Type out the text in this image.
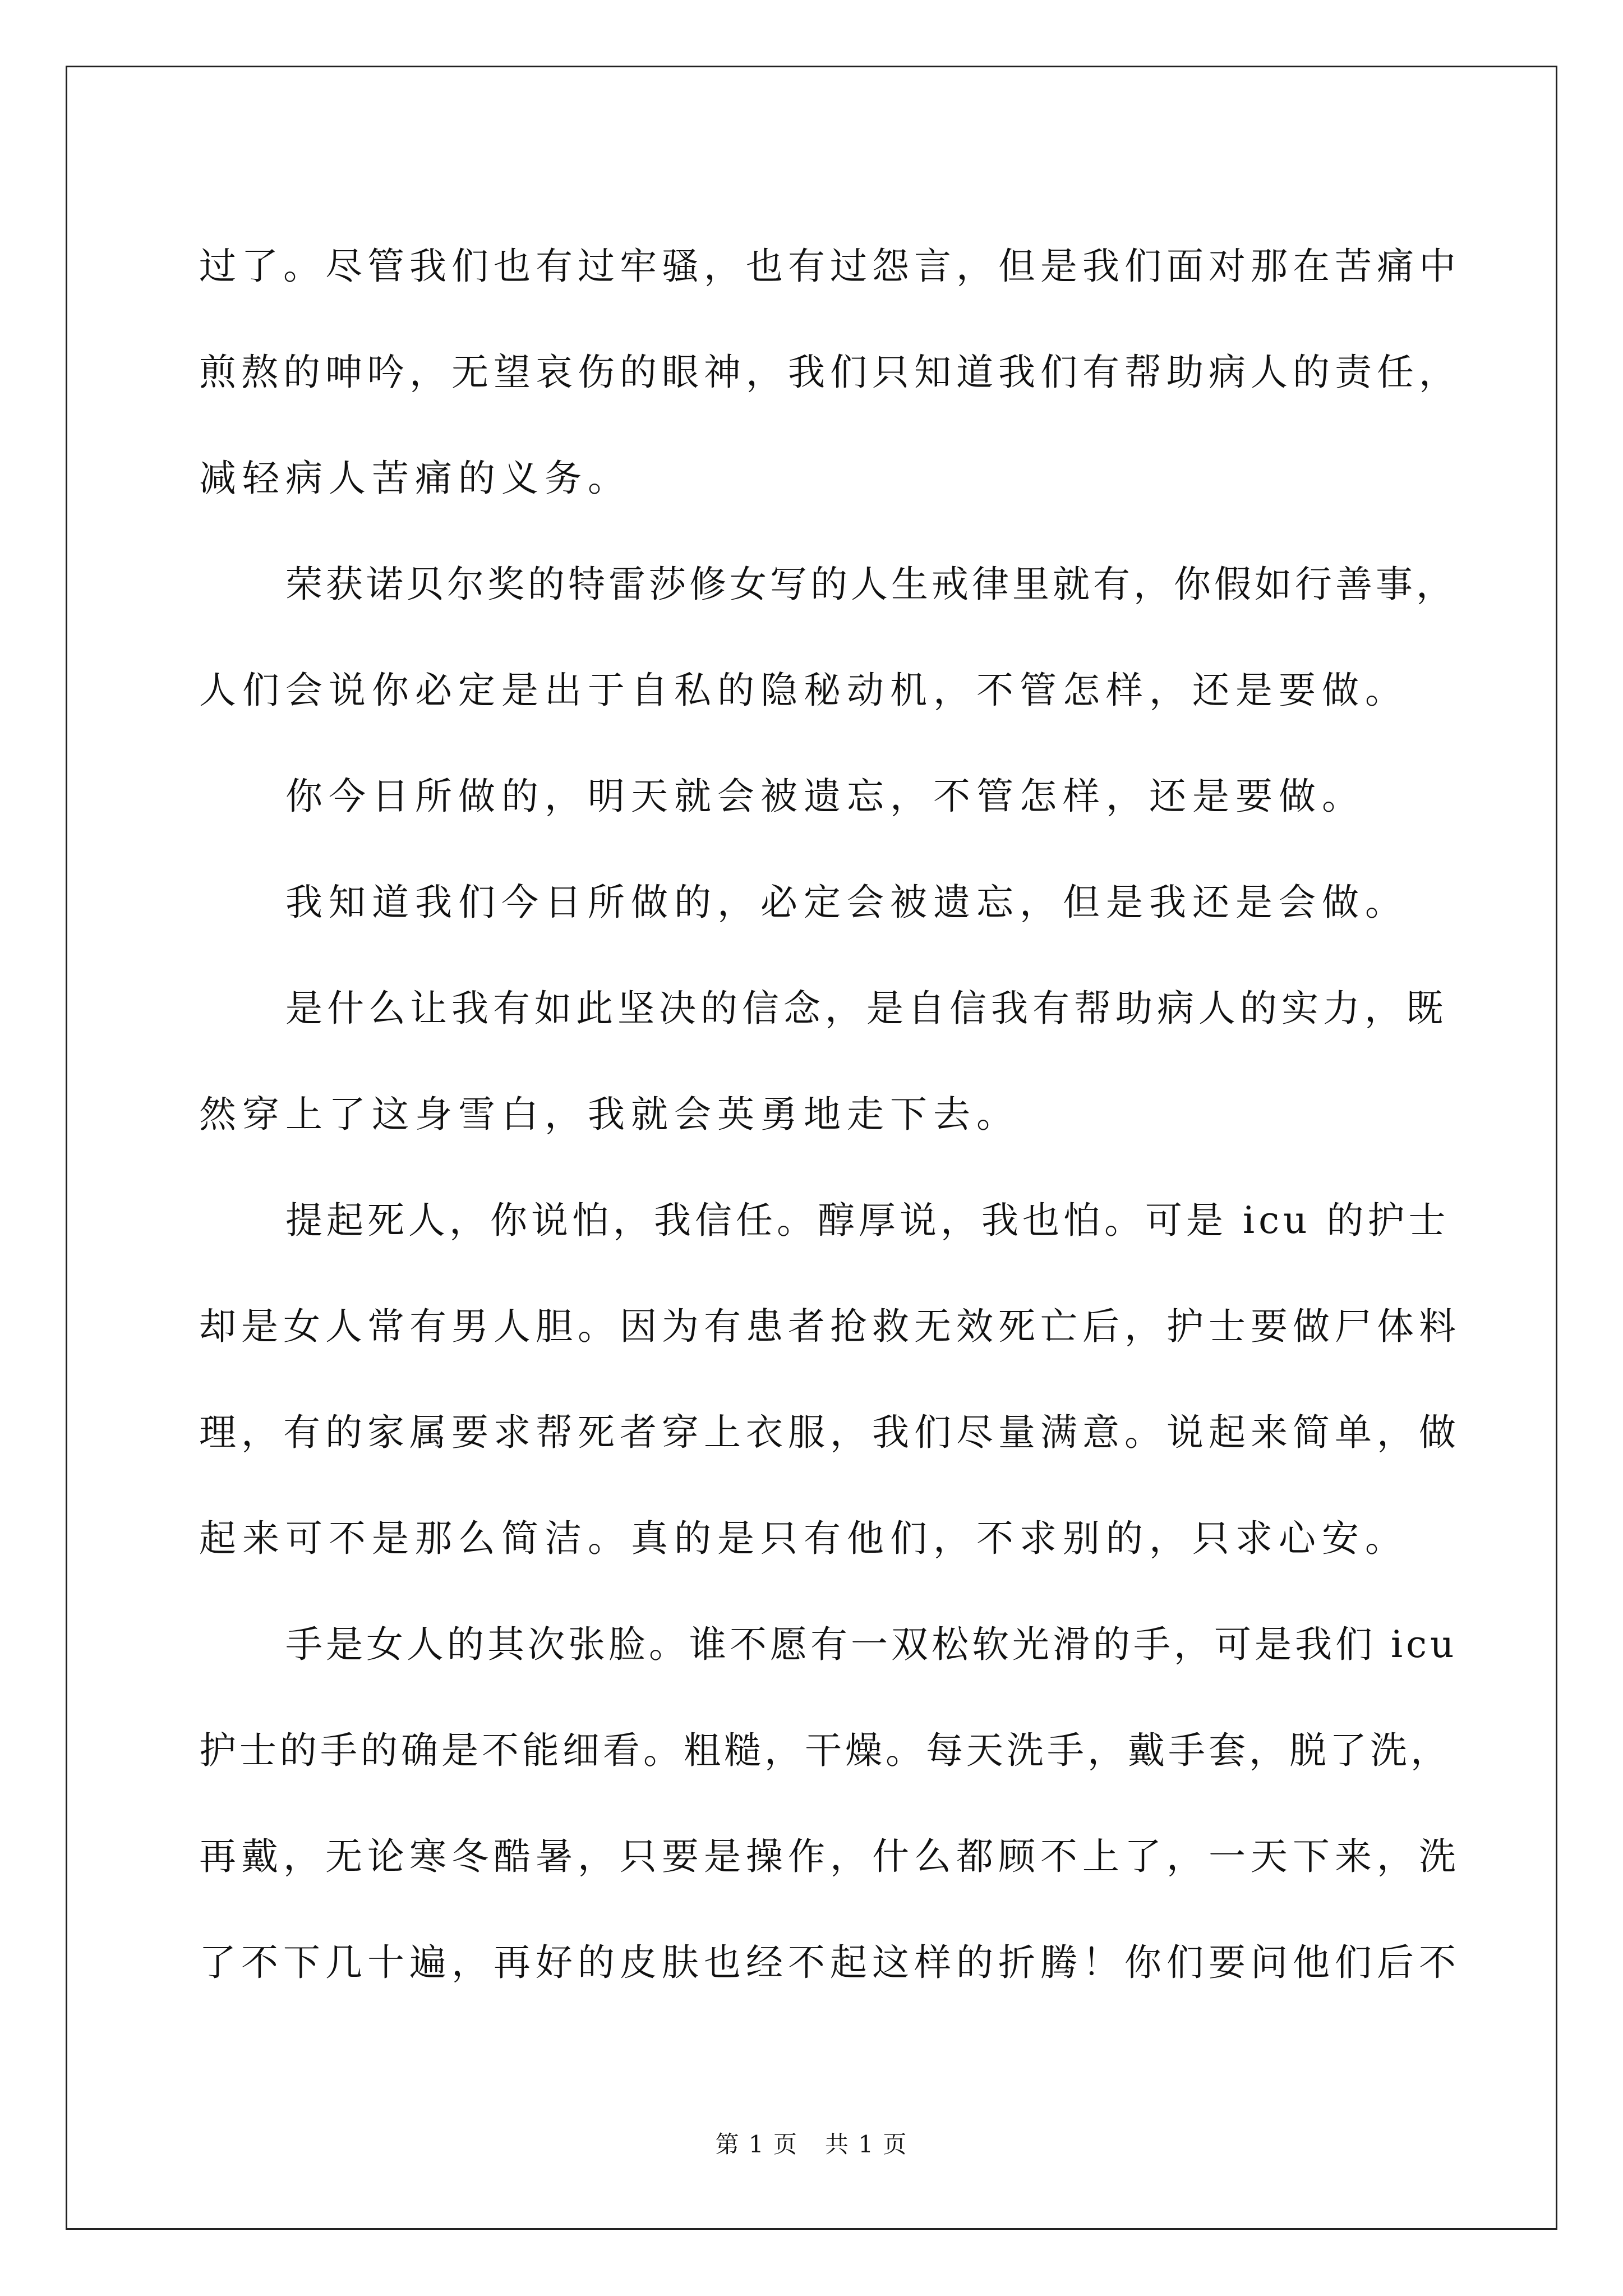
过了。尽管我们也有过牢骚，也有过怨言，但是我们面对那在苦痛中
煎熬的呻吟，无望哀伤的眼神，我们只知道我们有帮助病人的责任，
减轻病人苦痛的义务。
荣获诺贝尔奖的特雷莎修女写的人生戒律里就有，你假如行善事，
人们会说你必定是出于自私的隐秘动机，不管怎样，还是要做。
你今日所做的，明天就会被遗忘，不管怎样，还是要做。
我知道我们今日所做的，必定会被遗忘，但是我还是会做。
是什么让我有如此坚决的信念，是自信我有帮助病人的实力，既
然穿上了这身雪白，我就会英勇地走下去。
提起死人，你说怕，我信任。醇厚说，我也怕。可是 icu 的护士
却是女人常有男人胆。因为有患者抢救无效死亡后，护士要做尸体料
理，有的家属要求帮死者穿上衣服，我们尽量满意。说起来简单，做
起来可不是那么简洁。真的是只有他们，不求别的，只求心安。
手是女人的其次张脸。谁不愿有一双松软光滑的手，可是我们 icu
护士的手的确是不能细看。粗糙，干燥。每天洗手，戴手套，脱了洗，
再戴，无论寒冬酷暑，只要是操作，什么都顾不上了，一天下来，洗
了不下几十遍，再好的皮肤也经不起这样的折腾！你们要问他们后不
第 1 页 共 1 页
